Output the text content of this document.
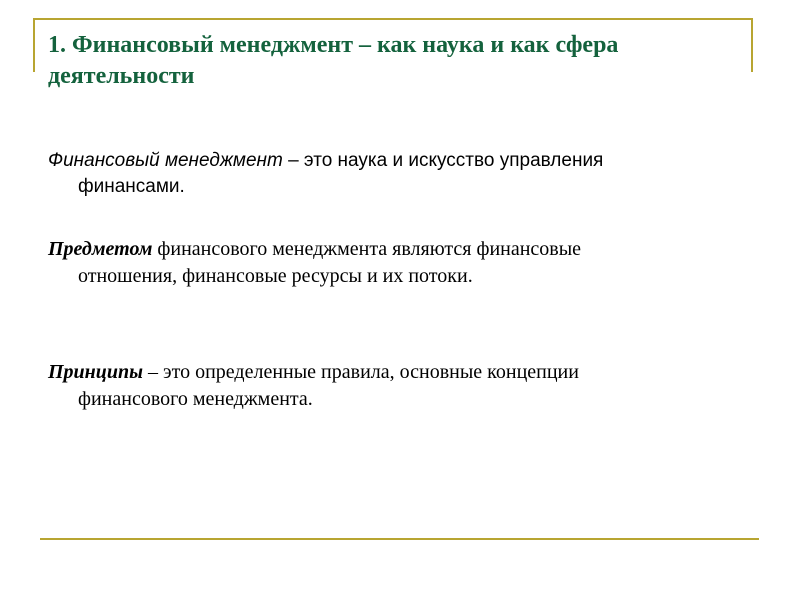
1. Финансовый менеджмент – как наука и как сфера
деятельности

Финансовый менеджмент – это наука и искусство управления
финансами.

Предметом финансового менеджмента являются финансовые
отношения, финансовые ресурсы и их потоки.

Принципы – это определенные правила, основные концепции
финансового менеджмента.
